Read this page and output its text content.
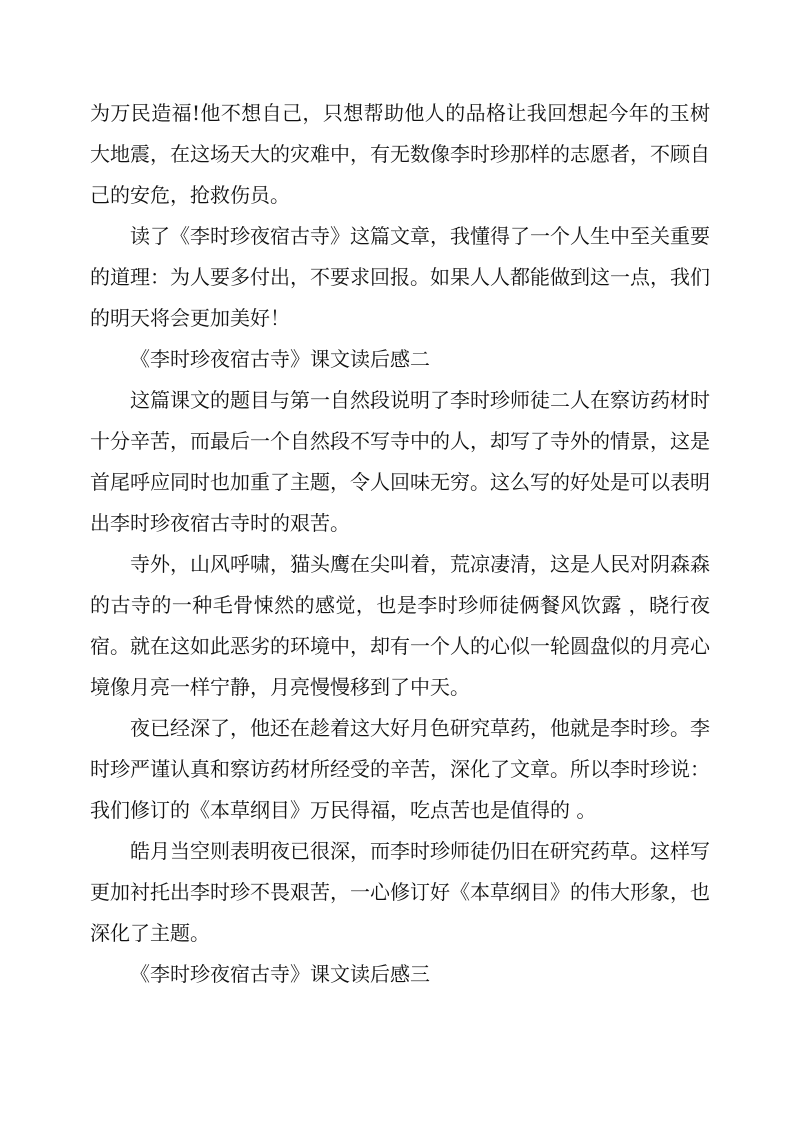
为万民造福!他不想自己，只想帮助他人的品格让我回想起今年的玉树大地震，在这场天大的灾难中，有无数像李时珍那样的志愿者，不顾自己的安危，抢救伤员。

读了《李时珍夜宿古寺》这篇文章，我懂得了一个人生中至关重要的道理：为人要多付出，不要求回报。如果人人都能做到这一点，我们的明天将会更加美好！

《李时珍夜宿古寺》课文读后感二

这篇课文的题目与第一自然段说明了李时珍师徒二人在察访药材时十分辛苦，而最后一个自然段不写寺中的人，却写了寺外的情景，这是首尾呼应同时也加重了主题，令人回味无穷。这么写的好处是可以表明出李时珍夜宿古寺时的艰苦。

寺外，山风呼啸，猫头鹰在尖叫着，荒凉凄清，这是人民对阴森森的古寺的一种毛骨悚然的感觉，也是李时珍师徒俩餐风饮露 ，晓行夜宿。就在这如此恶劣的环境中，却有一个人的心似一轮圆盘似的月亮心境像月亮一样宁静，月亮慢慢移到了中天。

夜已经深了，他还在趁着这大好月色研究草药，他就是李时珍。李时珍严谨认真和察访药材所经受的辛苦，深化了文章。所以李时珍说：我们修订的《本草纲目》万民得福，吃点苦也是值得的 。

皓月当空则表明夜已很深，而李时珍师徒仍旧在研究药草。这样写更加衬托出李时珍不畏艰苦，一心修订好《本草纲目》的伟大形象，也深化了主题。

《李时珍夜宿古寺》课文读后感三
